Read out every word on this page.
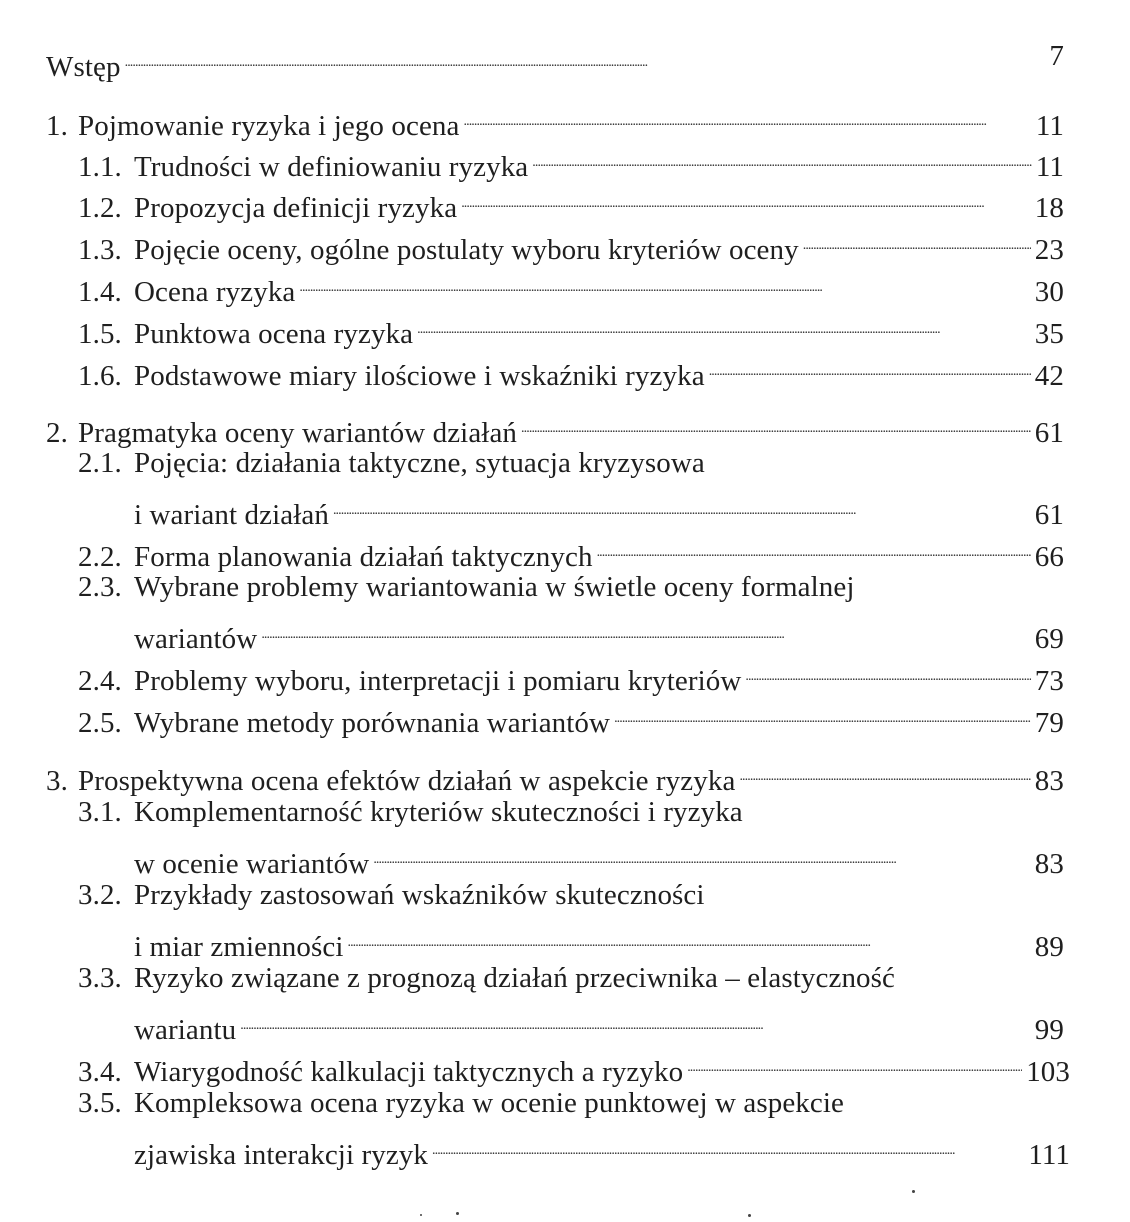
Wstęp . . .	7
1. Pojmowanie ryzyka i jego ocena . . .	11
1.1. Trudności w definiowaniu ryzyka . . .	11
1.2. Propozycja definicji ryzyka . . .	18
1.3. Pojęcie oceny, ogólne postulaty wyboru kryteriów oceny . . .	23
1.4. Ocena ryzyka . . .	30
1.5. Punktowa ocena ryzyka . . .	35
1.6. Podstawowe miary ilościowe i wskaźniki ryzyka . . .	42
2. Pragmatyka oceny wariantów działań . . .	61
2.1. Pojęcia: działania taktyczne, sytuacja kryzysowa
i wariant działań . . .	61
2.2. Forma planowania działań taktycznych . . .	66
2.3. Wybrane problemy wariantowania w świetle oceny formalnej
wariantów . . .	69
2.4. Problemy wyboru, interpretacji i pomiaru kryteriów . . .	73
2.5. Wybrane metody porównania wariantów . . .	79
3. Prospektywna ocena efektów działań w aspekcie ryzyka . . .	83
3.1. Komplementarność kryteriów skuteczności i ryzyka
w ocenie wariantów . . .	83
3.2. Przykłady zastosowań wskaźników skuteczności
i miar zmienności . . .	89
3.3. Ryzyko związane z prognozą działań przeciwnika – elastyczność
wariantu . . .	99
3.4. Wiarygodność kalkulacji taktycznych a ryzyko . . .	103
3.5. Kompleksowa ocena ryzyka w ocenie punktowej w aspekcie
zjawiska interakcji ryzyk . . .	111
